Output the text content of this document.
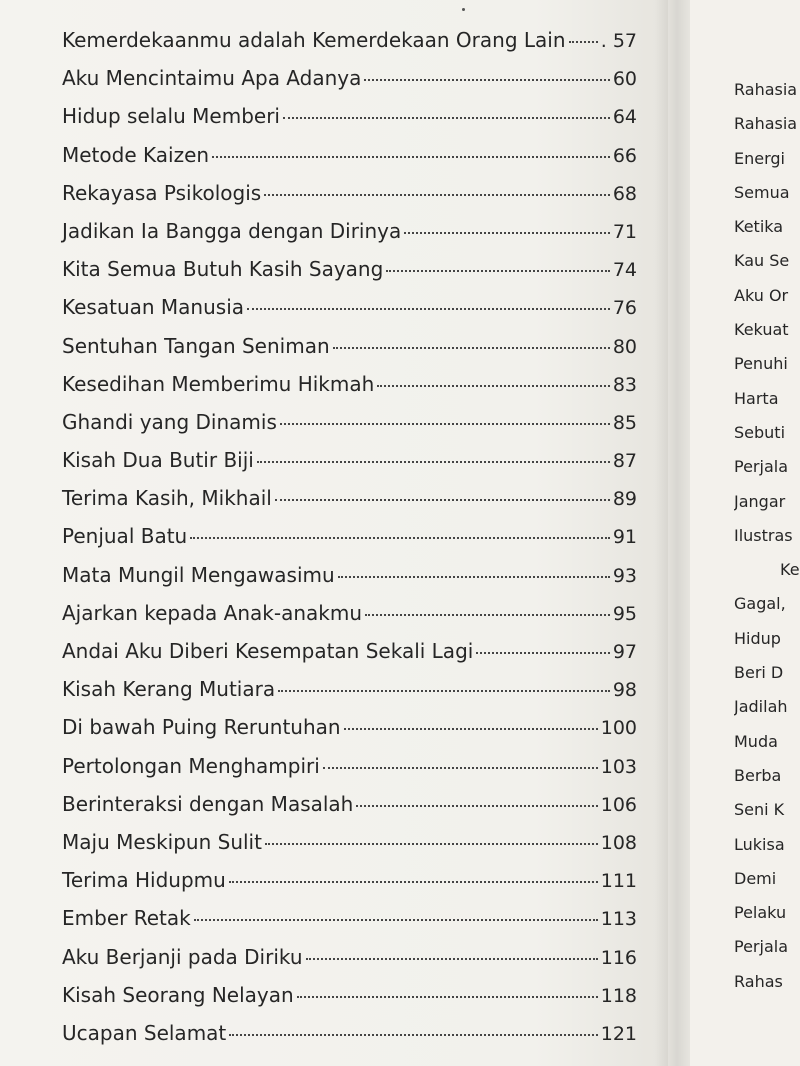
Kemerdekaanmu adalah Kemerdekaan Orang Lain . 57
Aku Mencintaimu Apa Adanya	60
Hidup selalu Memberi	64
Metode Kaizen	66
Rekayasa Psikologis	68
Jadikan Ia Bangga dengan Dirinya	71
Kita Semua Butuh Kasih Sayang	74
Kesatuan Manusia	76
Sentuhan Tangan Seniman	80
Kesedihan Memberimu Hikmah	83
Ghandi yang Dinamis	85
Kisah Dua Butir Biji	87
Terima Kasih, Mikhail	89
Penjual Batu	91
Mata Mungil Mengawasimu	93
Ajarkan kepada Anak-anakmu	95
Andai Aku Diberi Kesempatan Sekali Lagi	97
Kisah Kerang Mutiara	98
Di bawah Puing Reruntuhan	100
Pertolongan Menghampiri	103
Berinteraksi dengan Masalah	106
Maju Meskipun Sulit	108
Terima Hidupmu	111
Ember Retak	113
Aku Berjanji pada Diriku	116
Kisah Seorang Nelayan	118
Ucapan Selamat	121
Rahasia
Rahasia
Energi
Semua
Ketika
Kau Se
Aku Or
Kekuat
Penuhi
Harta
Sebuti
Perjala
Jangar
Ilustras
Ke
Gagal,
Hidup
Beri D
Jadilah
Muda
Berba
Seni K
Lukisa
Demi
Pelaku
Perjala
Rahas
